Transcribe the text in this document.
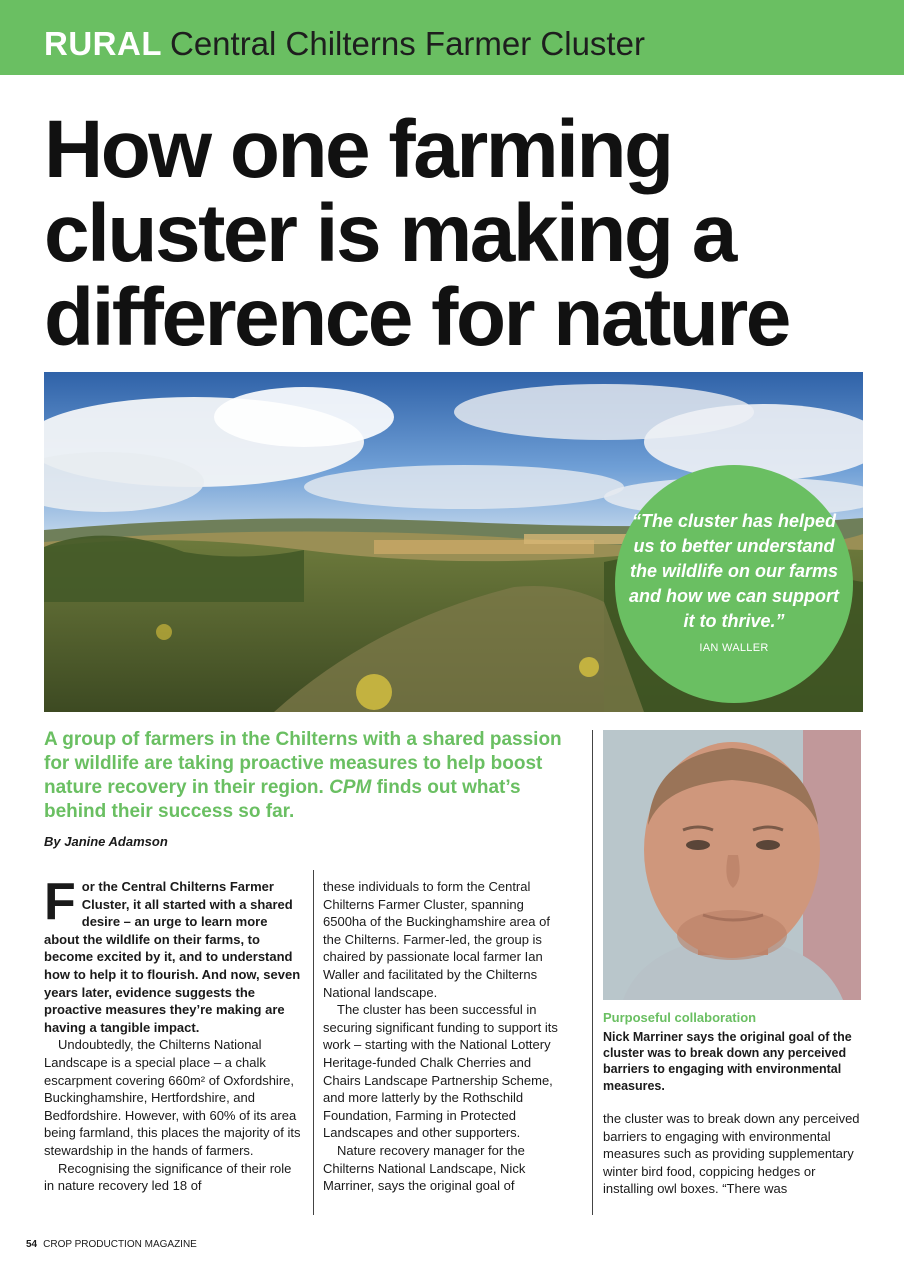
RURAL Central Chilterns Farmer Cluster
How one farming
cluster is making a
difference for nature
“The cluster has helped us to better understand the wildlife on our farms and how we can support it to thrive.”
IAN WALLER

A group of farmers in the Chilterns with a shared passion for wildlife are taking proactive measures to help boost nature recovery in their region. CPM finds out what’s behind their success so far.

By Janine Adamson

For the Central Chilterns Farmer Cluster, it all started with a shared desire – an urge to learn more about the wildlife on their farms, to become excited by it, and to understand how to help it to flourish. And now, seven years later, evidence suggests the proactive measures they’re making are having a tangible impact.

Undoubtedly, the Chilterns National Landscape is a special place – a chalk escarpment covering 660m² of Oxfordshire, Buckinghamshire, Hertfordshire, and Bedfordshire. However, with 60% of its area being farmland, this places the majority of its stewardship in the hands of farmers.

Recognising the significance of their role in nature recovery led 18 of

these individuals to form the Central Chilterns Farmer Cluster, spanning 6500ha of the Buckinghamshire area of the Chilterns. Farmer-led, the group is chaired by passionate local farmer Ian Waller and facilitated by the Chilterns National landscape.

The cluster has been successful in securing significant funding to support its work – starting with the National Lottery Heritage-funded Chalk Cherries and Chairs Landscape Partnership Scheme, and more latterly by the Rothschild Foundation, Farming in Protected Landscapes and other supporters.

Nature recovery manager for the Chilterns National Landscape, Nick Marriner, says the original goal of

Purposeful collaboration
Nick Marriner says the original goal of the cluster was to break down any perceived barriers to engaging with environmental measures.

the cluster was to break down any perceived barriers to engaging with environmental measures such as providing supplementary winter bird food, coppicing hedges or installing owl boxes. “There was

54 CROP PRODUCTION MAGAZINE
